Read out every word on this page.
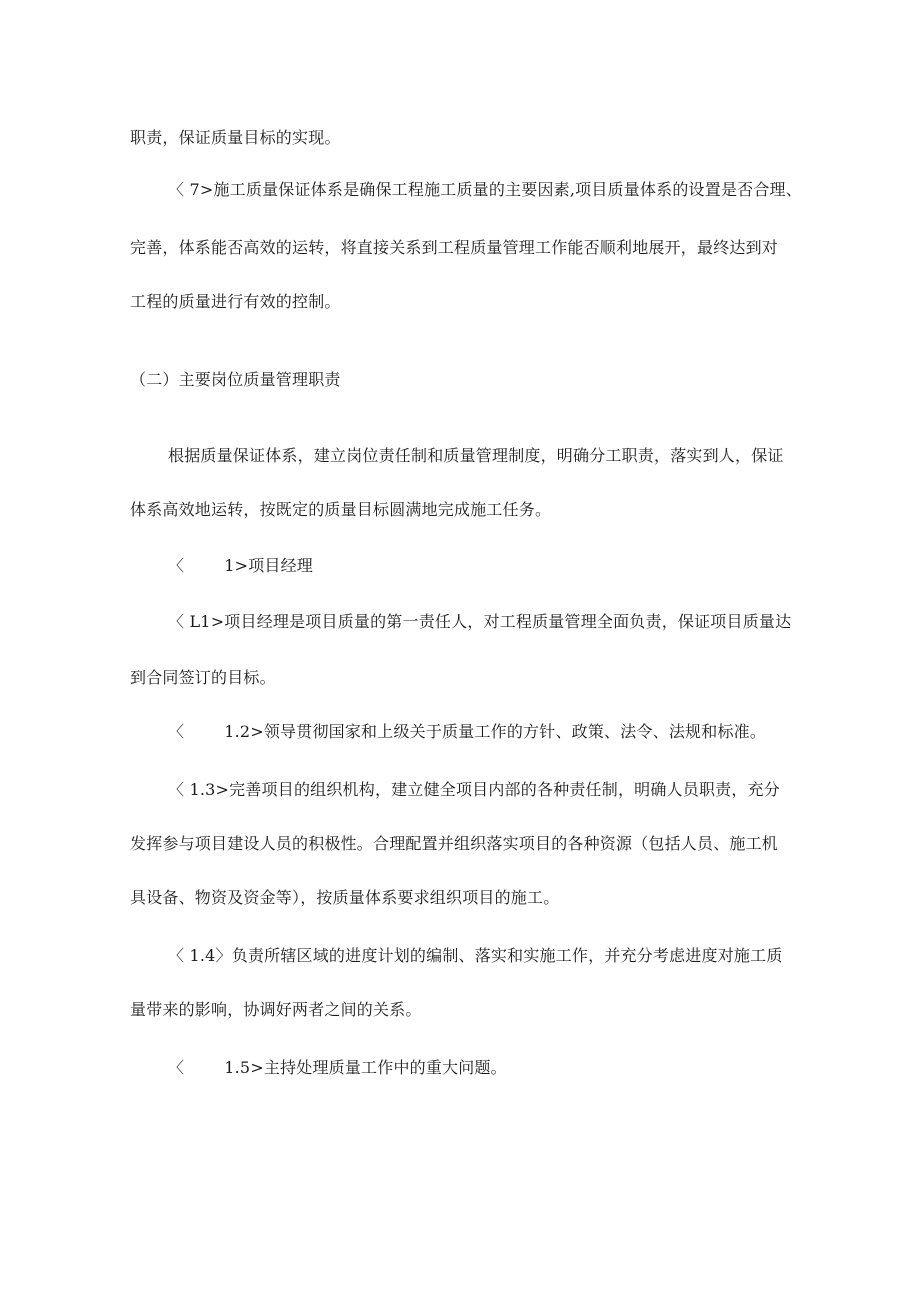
职责，保证质量目标的实现。
〈 7>施工质量保证体系是确保工程施工质量的主要因素,项目质量体系的设置是否合理、
完善，体系能否高效的运转，将直接关系到工程质量管理工作能否顺利地展开，最终达到对
工程的质量进行有效的控制。
（二）主要岗位质量管理职责
根据质量保证体系，建立岗位责任制和质量管理制度，明确分工职责，落实到人，保证
体系高效地运转，按既定的质量目标圆满地完成施工任务。
〈	1>项目经理
〈 L1>项目经理是项目质量的第一责任人，对工程质量管理全面负责，保证项目质量达
到合同签订的目标。
〈	1.2>领导贯彻国家和上级关于质量工作的方针、政策、法令、法规和标准。
〈 1.3>完善项目的组织机构，建立健全项目内部的各种责任制，明确人员职责，充分
发挥参与项目建设人员的积极性。合理配置并组织落实项目的各种资源（包括人员、施工机
具设备、物资及资金等），按质量体系要求组织项目的施工。
〈 1.4〉负责所辖区域的进度计划的编制、落实和实施工作，并充分考虑进度对施工质
量带来的影响，协调好两者之间的关系。
〈	1.5>主持处理质量工作中的重大问题。
